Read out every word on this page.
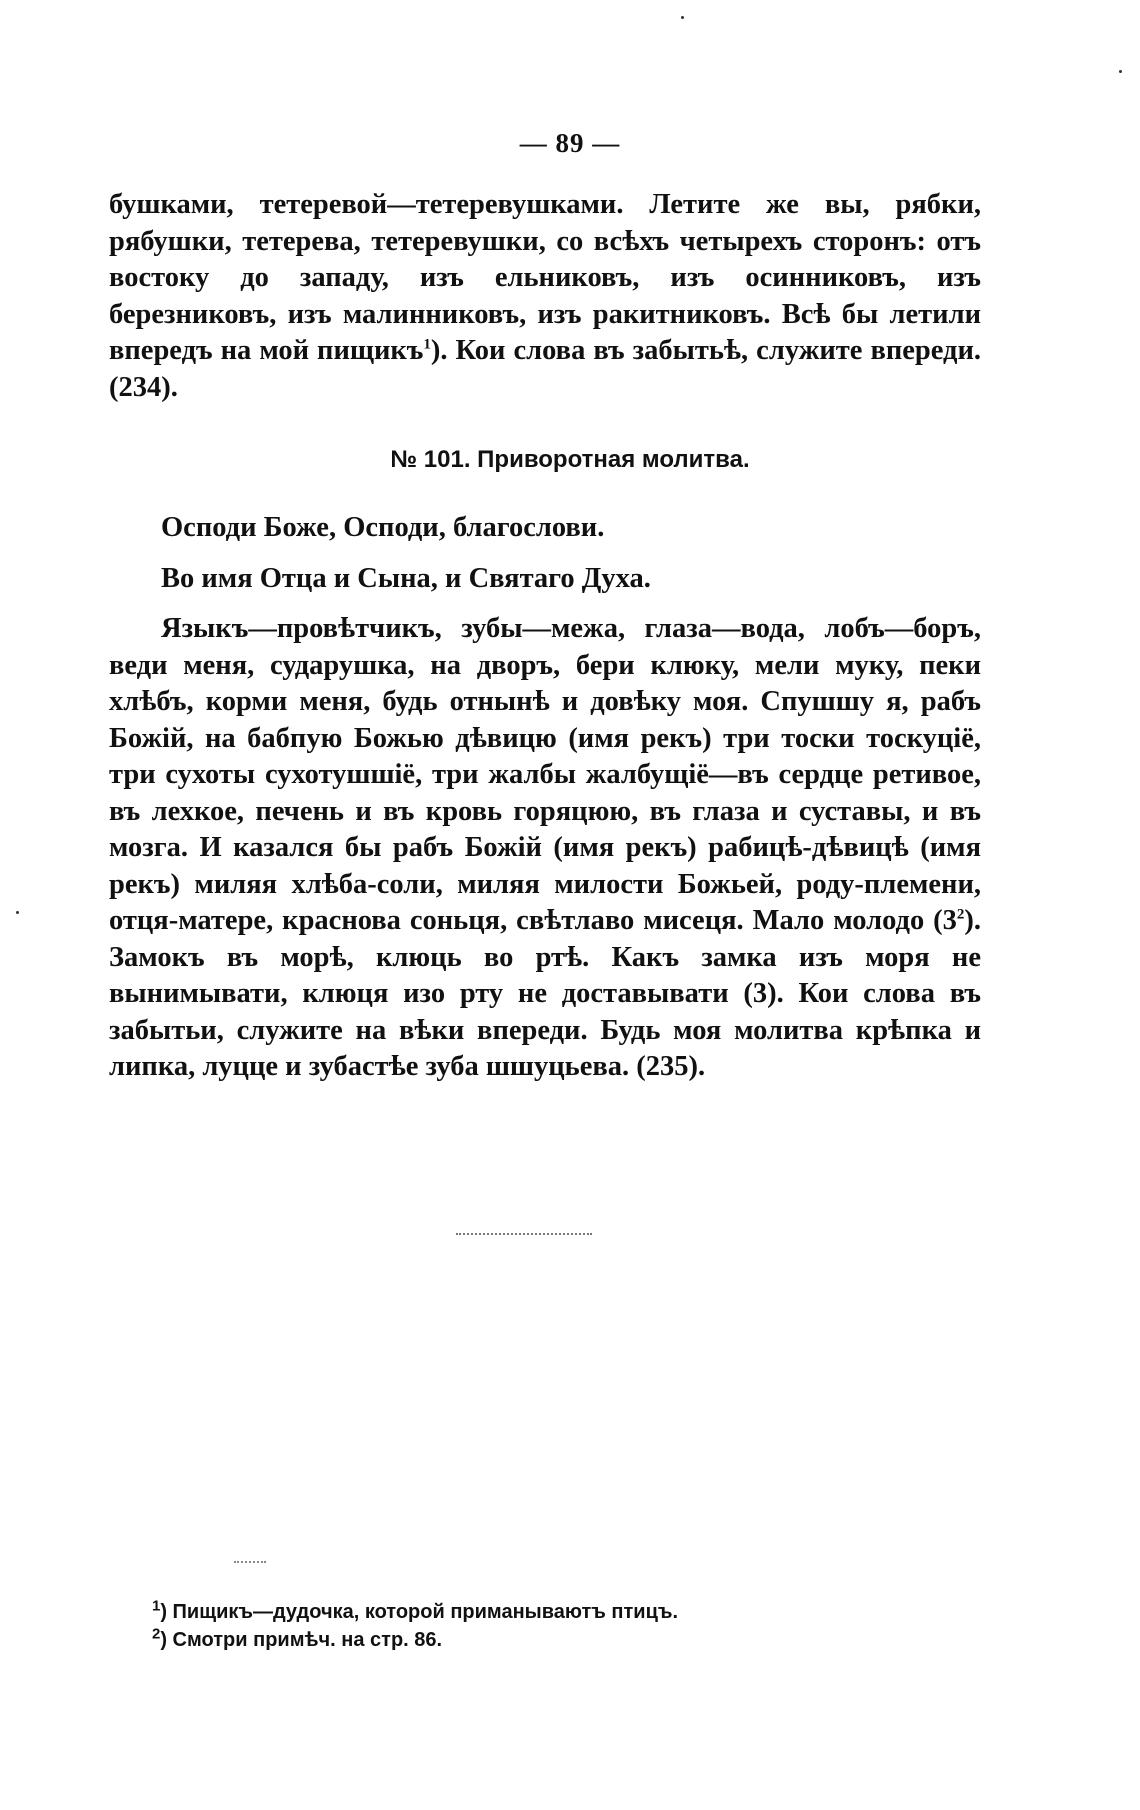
— 89 —

бушками, тетеревой—тетеревушками. Летите же вы, рябки, рябушки, тетерева, тетеревушки, со всѣхъ четырехъ сторонъ: отъ востоку до западу, изъ ельниковъ, изъ осинниковъ, изъ березниковъ, изъ малинниковъ, изъ ракитниковъ. Всѣ бы летили впередъ на мой пищикъ$^1$). Кои слова въ забытьѣ, служите впереди. (234).

№ 101. Приворотная молитва.

Осподи Боже, Осподи, благослови.

Во имя Отца и Сына, и Святаго Духа.

Языкъ—провѣтчикъ, зубы—межа, глаза—вода, лобъ—боръ, веди меня, сударушка, на дворъ, бери клюку, мели муку, пеки хлѣбъ, корми меня, будь отнынѣ и довѣку моя. Спушшу я, рабъ Божій, на бабпую Божью дѣвицю (имя рекъ) три тоски тоскуціё, три сухоты сухотушшіё, три жалбы жалбущіё—въ сердце ретивое, въ лехкое, печень и въ кровь горяцюю, въ глаза и суставы, и въ мозга. И казался бы рабъ Божій (имя рекъ) рабицѣ-дѣвицѣ (имя рекъ) миляя хлѣба-соли, миляя милости Божьей, роду-племени, отця-матере, краснова соньця, свѣтлаво мисеця. Мало молодо $(3^2)$. Замокъ въ морѣ, клюць во ртѣ. Какъ замка изъ моря не вынимывати, клюця изо рту не доставывати (3). Кои слова въ забытьи, служите на вѣки впереди. Будь моя молитва крѣпка и липка, луцце и зубастѣе зуба шшуцьева. (235).

$^1$) Пищикъ—дудочка, которой приманываютъ птицъ.

$^2$) Смотри примѣч. на стр. 86.
